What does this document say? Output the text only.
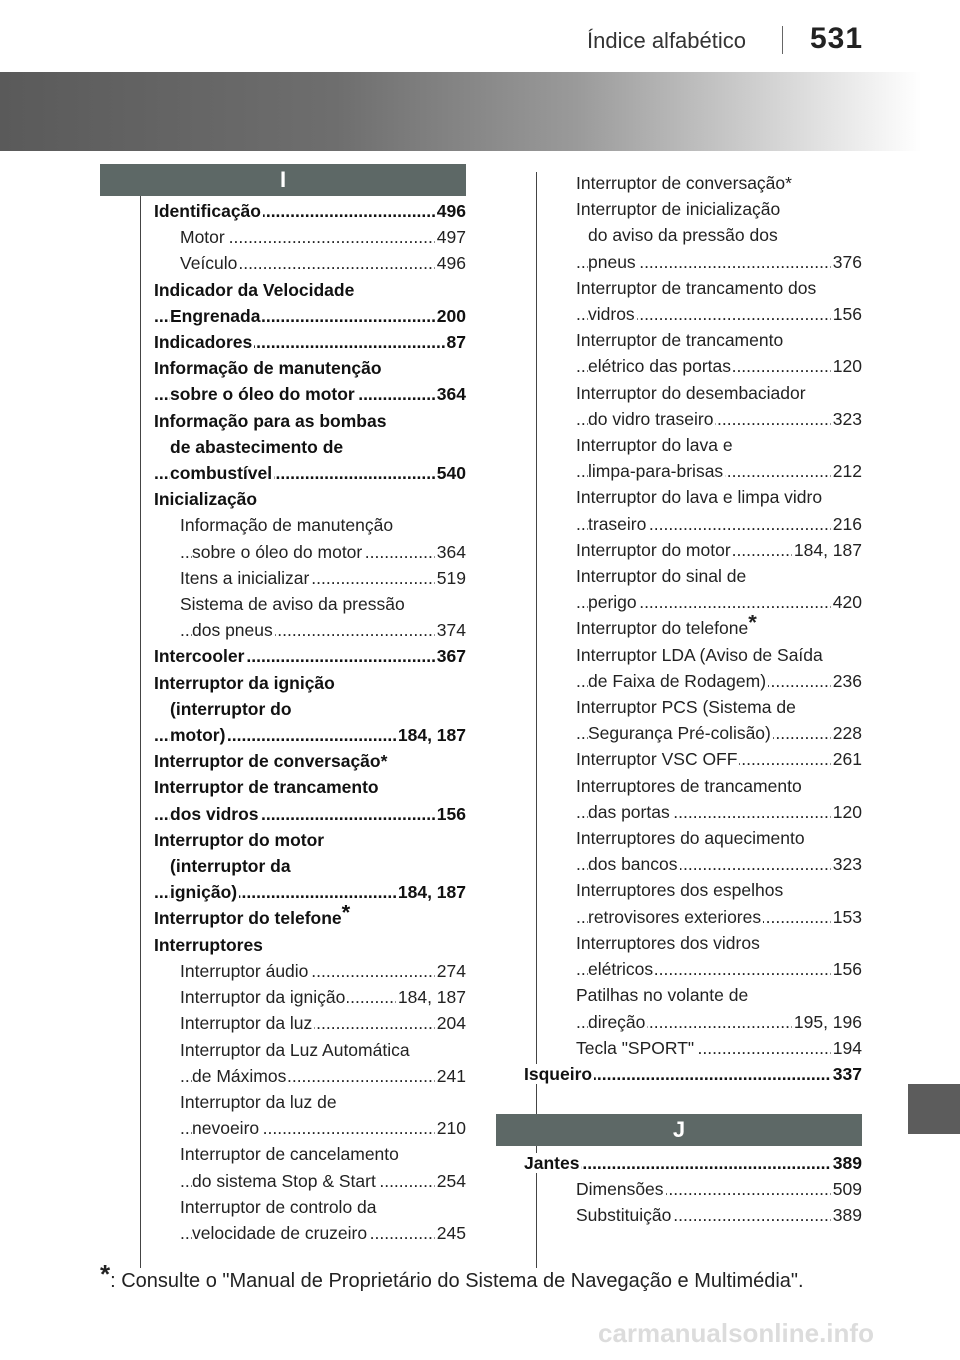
Índice alfabético 531
I
496
Identificação .....
497
Motor .....
496
Veículo .....
Indicador da Velocidade
200
Engrenada .....
87
Indicadores .....
Informação de manutenção
364
sobre o óleo do motor .....
Informação para as bombas
de abastecimento de
540
combustível .....
Inicialização
Informação de manutenção
364
sobre o óleo do motor .....
519
Itens a inicializar .....
Sistema de aviso da pressão
374
dos pneus .....
367
Intercooler .....
Interruptor da ignição
(interruptor do
184, 187
motor) .....
Interruptor de conversação*
Interruptor de trancamento
156
dos vidros .....
Interruptor do motor
(interruptor da
184, 187
ignição) .....
Interruptor do telefone*
Interruptores
274
Interruptor áudio .....
184, 187
Interruptor da ignição .....
204
Interruptor da luz .....
Interruptor da Luz Automática
241
de Máximos .....
Interruptor da luz de
210
nevoeiro .....
Interruptor de cancelamento
254
do sistema Stop & Start .....
Interruptor de controlo da
245
velocidade de cruzeiro .....
Interruptor de conversação*
Interruptor de inicialização
do aviso da pressão dos
376
pneus .....
Interruptor de trancamento dos
156
vidros .....
Interruptor de trancamento
120
elétrico das portas .....
Interruptor do desembaciador
323
do vidro traseiro .....
Interruptor do lava e
212
limpa-para-brisas .....
Interruptor do lava e limpa vidro
216
traseiro .....
184, 187
Interruptor do motor .....
Interruptor do sinal de
420
perigo .....
Interruptor do telefone*
Interruptor LDA (Aviso de Saída
236
de Faixa de Rodagem) .....
Interruptor PCS (Sistema de
228
Segurança Pré-colisão) .....
261
Interruptor VSC OFF .....
Interruptores de trancamento
120
das portas .....
Interruptores do aquecimento
323
dos bancos .....
Interruptores dos espelhos
153
retrovisores exteriores .....
Interruptores dos vidros
156
elétricos .....
Patilhas no volante de
195, 196
direção .....
194
Tecla "SPORT" .....
337
Isqueiro .....
J
389
Jantes .....
509
Dimensões .....
389
Substituição .....
*: Consulte o "Manual de Proprietário do Sistema de Navegação e Multimédia".
carmanualsonline.info
